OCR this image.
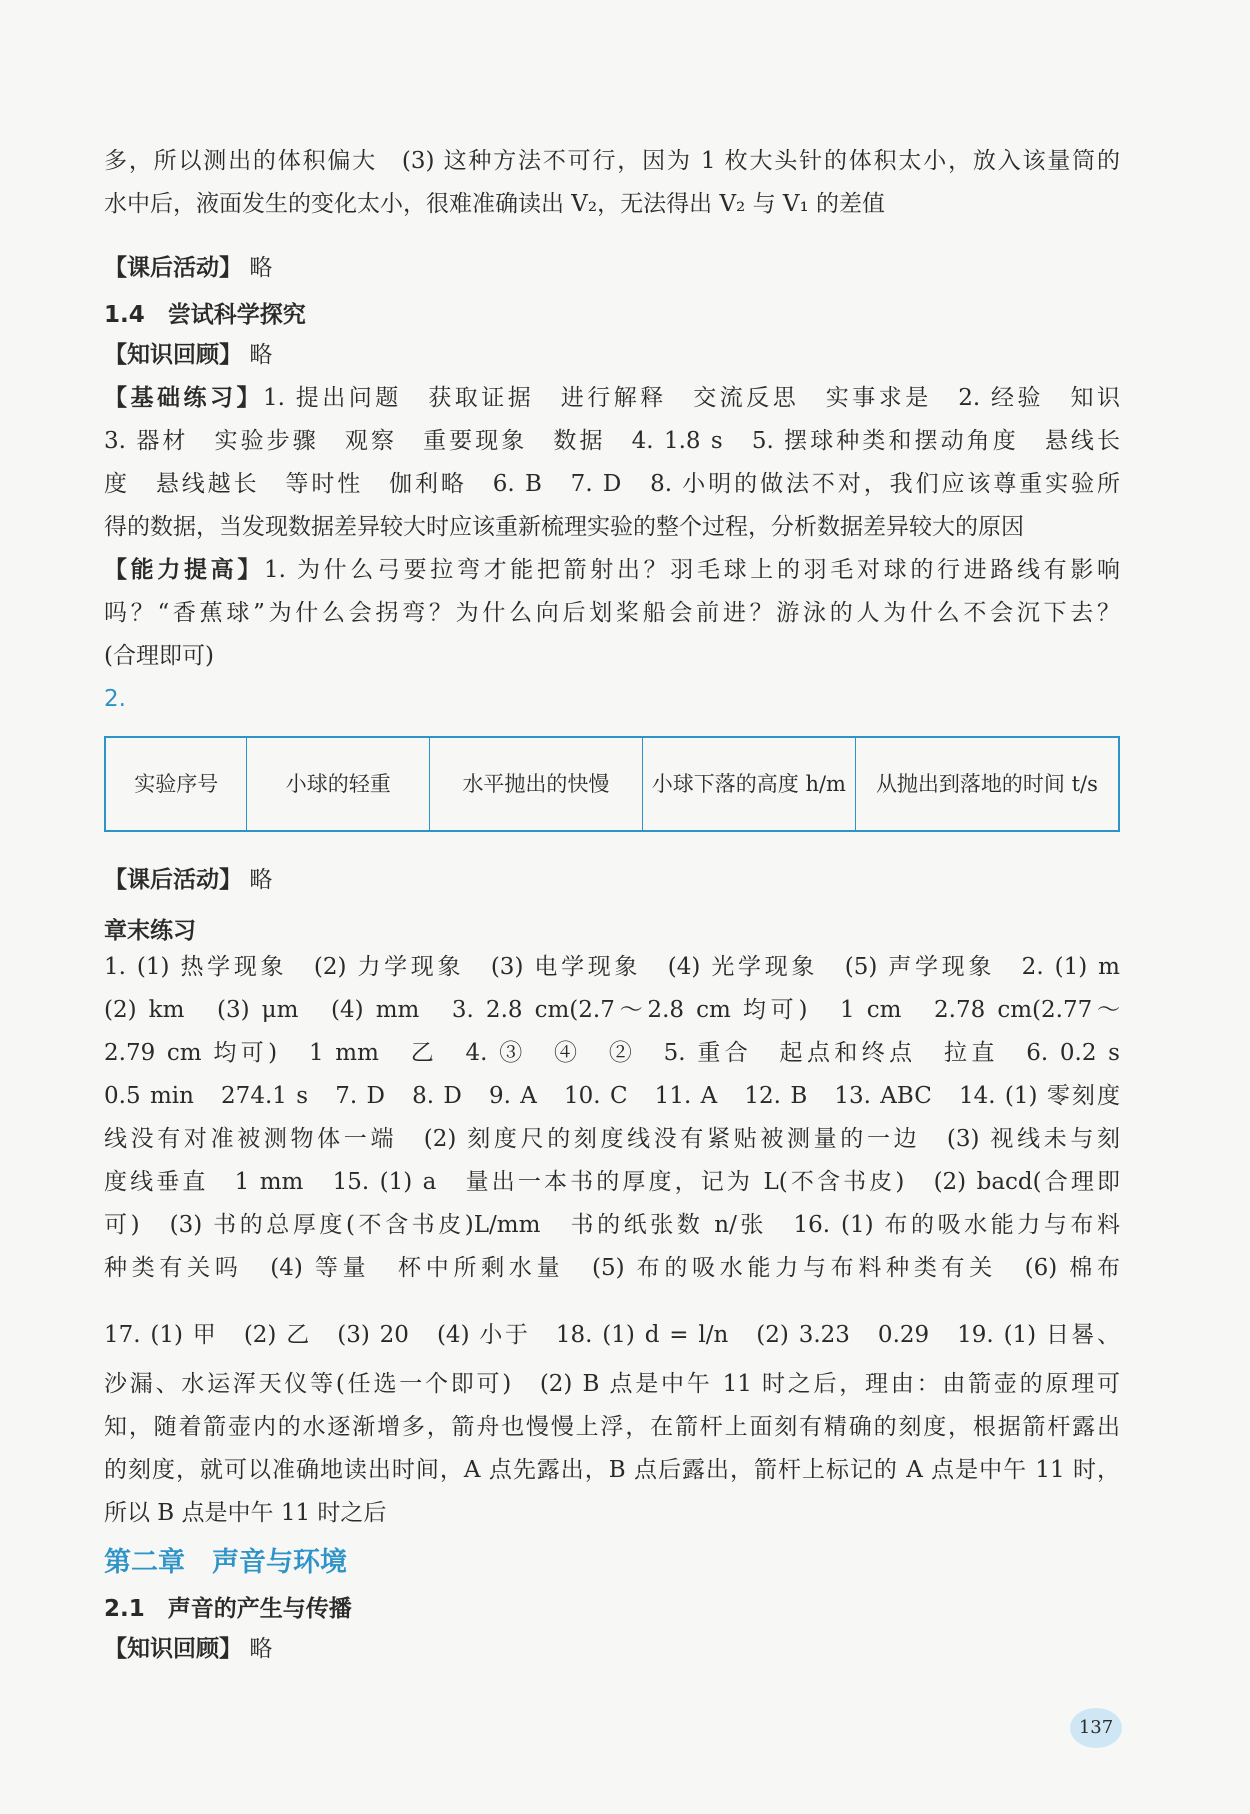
多，所以测出的体积偏大　(3) 这种方法不可行，因为 1 枚大头针的体积太小，放入该量筒的

水中后，液面发生的变化太小，很难准确读出 V₂，无法得出 V₂ 与 V₁ 的差值

【课后活动】 略
1.4　尝试科学探究
【知识回顾】 略

【基础练习】1. 提出问题　获取证据　进行解释　交流反思　实事求是　2. 经验　知识

3. 器材　实验步骤　观察　重要现象　数据　4. 1.8 s　5. 摆球种类和摆动角度　悬线长

度　悬线越长　等时性　伽利略　6. B　7. D　8. 小明的做法不对，我们应该尊重实验所

得的数据，当发现数据差异较大时应该重新梳理实验的整个过程，分析数据差异较大的原因

【能力提高】1. 为什么弓要拉弯才能把箭射出？羽毛球上的羽毛对球的行进路线有影响

吗？“香蕉球”为什么会拐弯？为什么向后划桨船会前进？游泳的人为什么不会沉下去？

(合理即可)

2.
实验序号	小球的轻重	水平抛出的快慢	小球下落的高度 h/m	从抛出到落地的时间 t/s
【课后活动】 略
章末练习

1. (1) 热学现象　(2) 力学现象　(3) 电学现象　(4) 光学现象　(5) 声学现象　2. (1) m

(2) km　(3) μm　(4) mm　3. 2.8 cm(2.7～2.8 cm 均可)　1 cm　2.78 cm(2.77～

2.79 cm 均可)　1 mm　乙　4. ③　④　②　5. 重合　起点和终点　拉直　6. 0.2 s

0.5 min　274.1 s　7. D　8. D　9. A　10. C　11. A　12. B　13. ABC　14. (1) 零刻度

线没有对准被测物体一端　(2) 刻度尺的刻度线没有紧贴被测量的一边　(3) 视线未与刻

度线垂直　1 mm　15. (1) a　量出一本书的厚度，记为 L(不含书皮)　(2) bacd(合理即

可)　(3) 书的总厚度(不含书皮)L/mm　书的纸张数 n/张　16. (1) 布的吸水能力与布料

种类有关吗　(4) 等量　杯中所剩水量　(5) 布的吸水能力与布料种类有关　(6) 棉布

17. (1) 甲　(2) 乙　(3) 20　(4) 小于　18. (1) d = l/n　(2) 3.23　0.29　19. (1) 日晷、

沙漏、水运浑天仪等(任选一个即可)　(2) B 点是中午 11 时之后，理由：由箭壶的原理可

知，随着箭壶内的水逐渐增多，箭舟也慢慢上浮，在箭杆上面刻有精确的刻度，根据箭杆露出

的刻度，就可以准确地读出时间，A 点先露出，B 点后露出，箭杆上标记的 A 点是中午 11 时，

所以 B 点是中午 11 时之后

第二章　声音与环境
2.1　声音的产生与传播
【知识回顾】 略
137
